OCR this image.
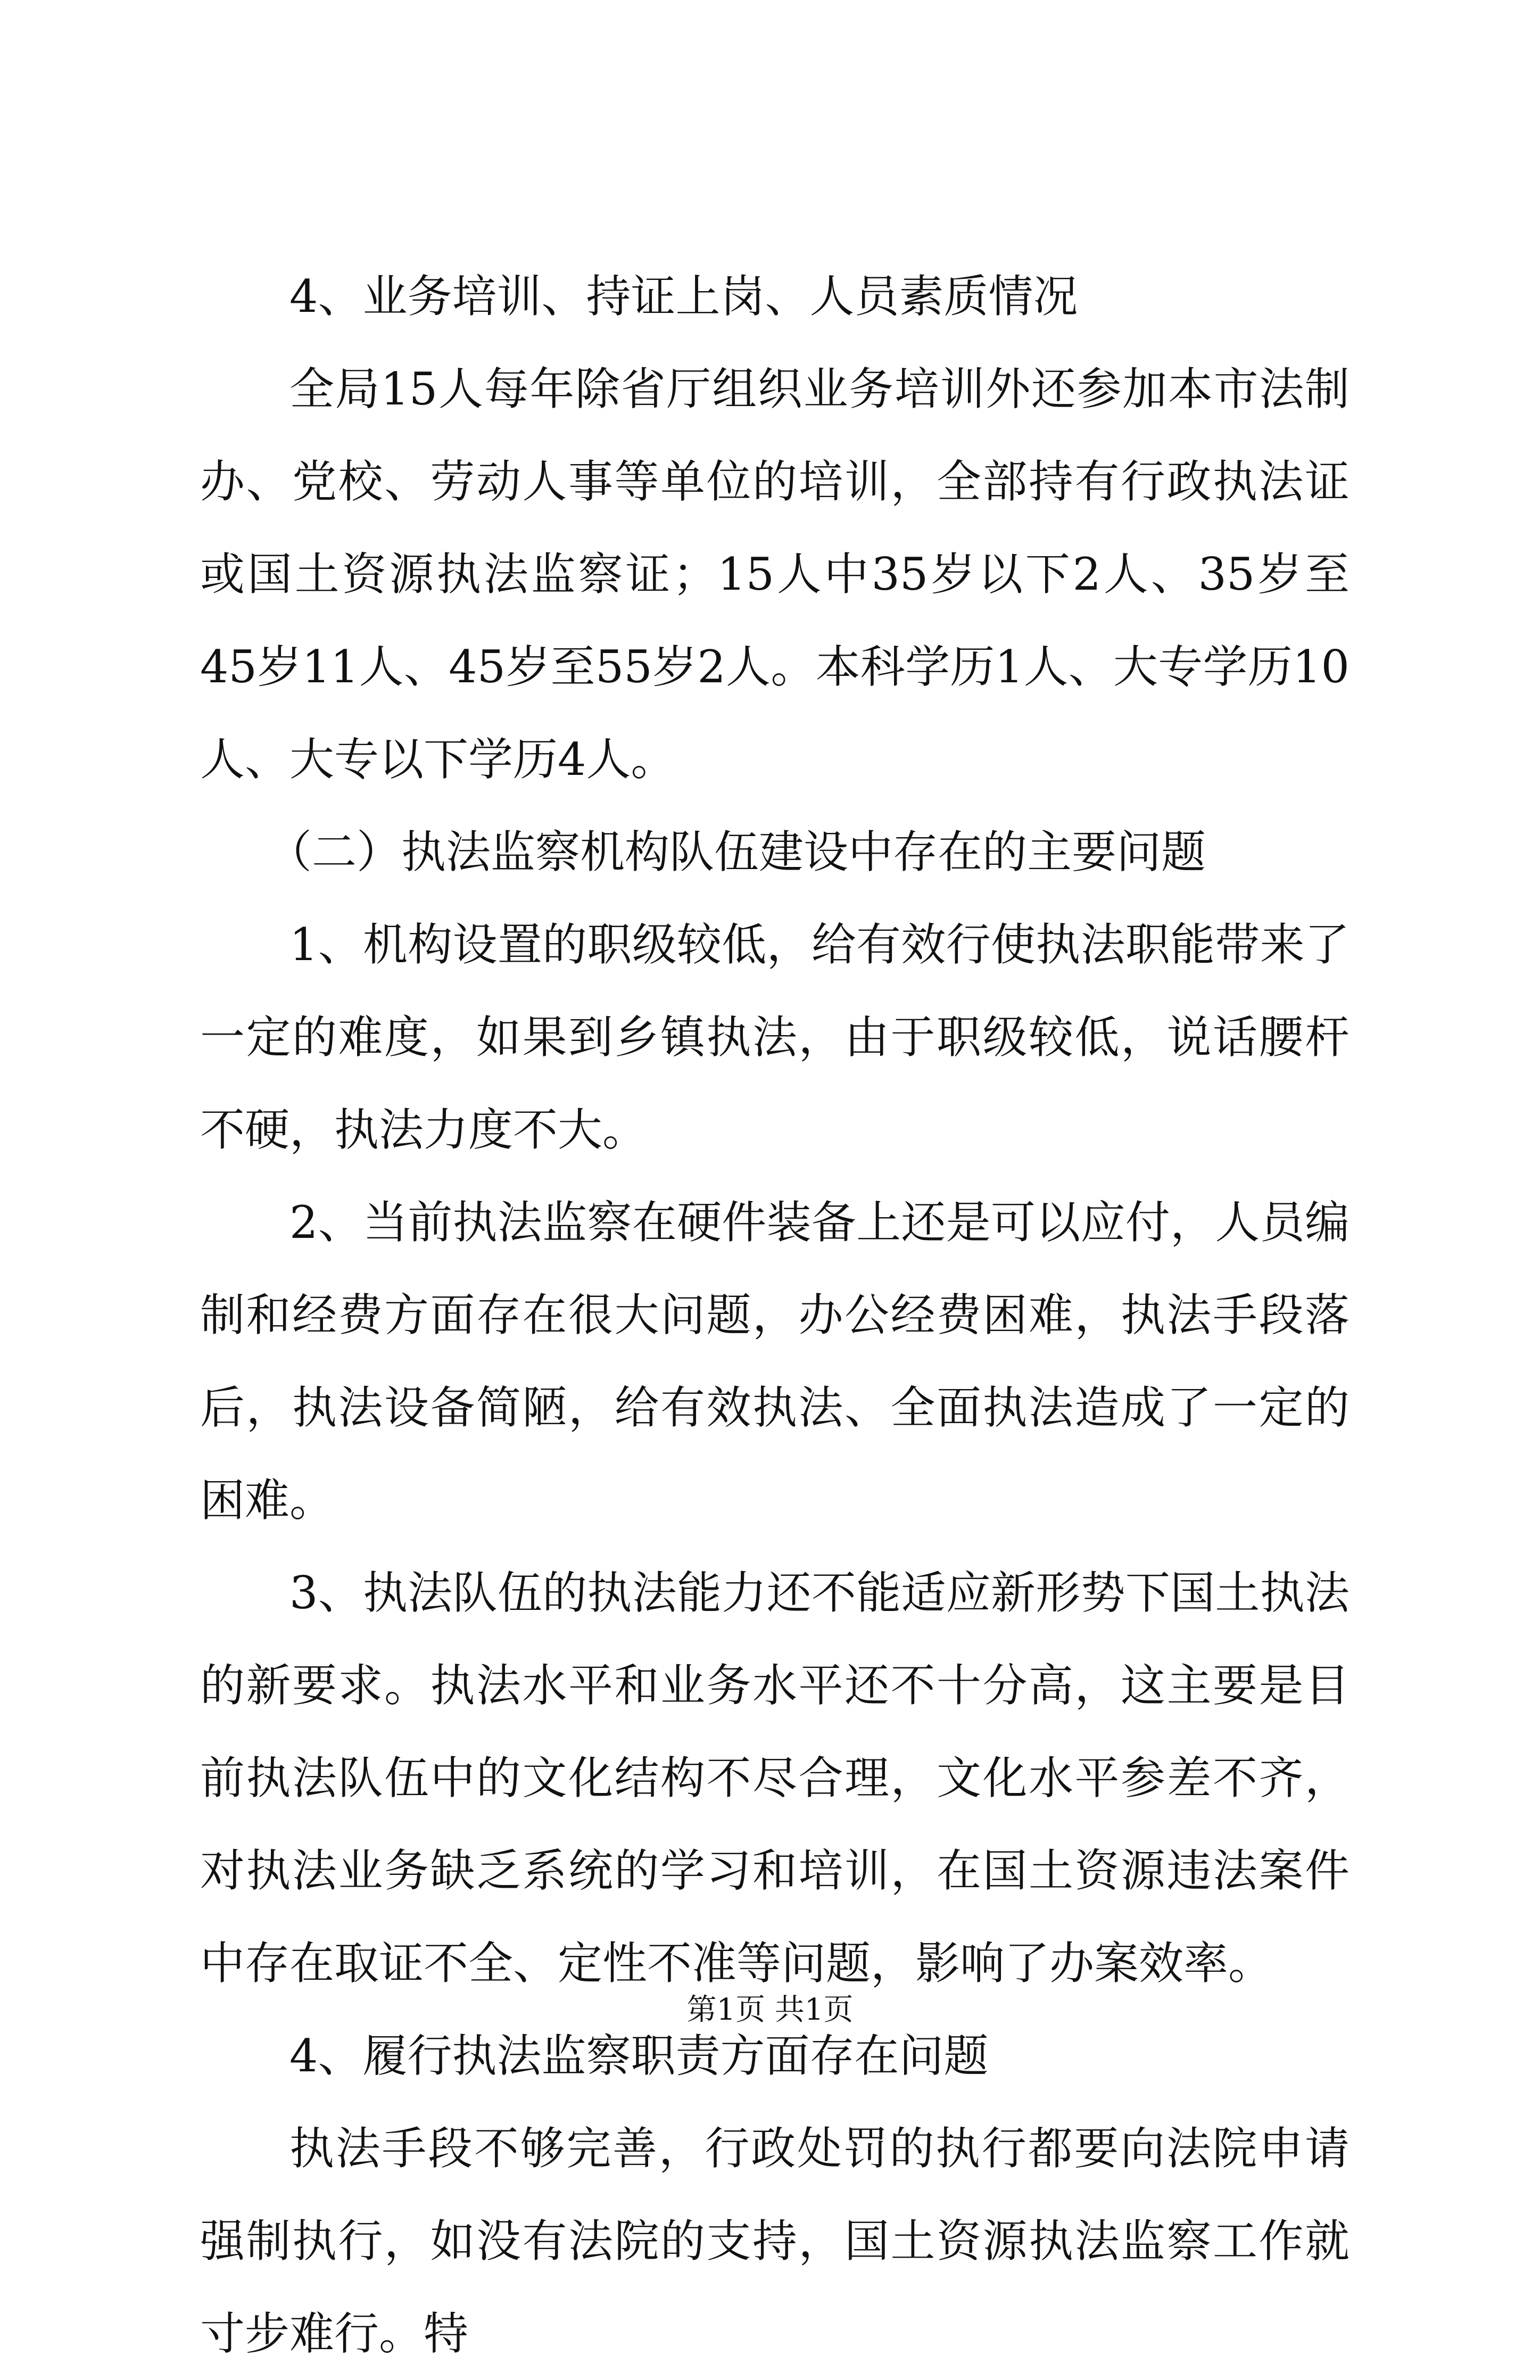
4、业务培训、持证上岗、人员素质情况

全局15人每年除省厅组织业务培训外还参加本市法制办、党校、劳动人事等单位的培训，全部持有行政执法证或国土资源执法监察证；15人中35岁以下2人、35岁至45岁11人、45岁至55岁2人。本科学历1人、大专学历10人、大专以下学历4人。

（二）执法监察机构队伍建设中存在的主要问题

1、机构设置的职级较低，给有效行使执法职能带来了一定的难度，如果到乡镇执法，由于职级较低，说话腰杆不硬，执法力度不大。

2、当前执法监察在硬件装备上还是可以应付，人员编制和经费方面存在很大问题，办公经费困难，执法手段落后，执法设备简陋，给有效执法、全面执法造成了一定的困难。

3、执法队伍的执法能力还不能适应新形势下国土执法的新要求。执法水平和业务水平还不十分高，这主要是目前执法队伍中的文化结构不尽合理，文化水平参差不齐，对执法业务缺乏系统的学习和培训，在国土资源违法案件中存在取证不全、定性不准等问题，影响了办案效率。

4、履行执法监察职责方面存在问题

执法手段不够完善，行政处罚的执行都要向法院申请强制执行，如没有法院的支持，国土资源执法监察工作就寸步难行。特

第1页 共1页
